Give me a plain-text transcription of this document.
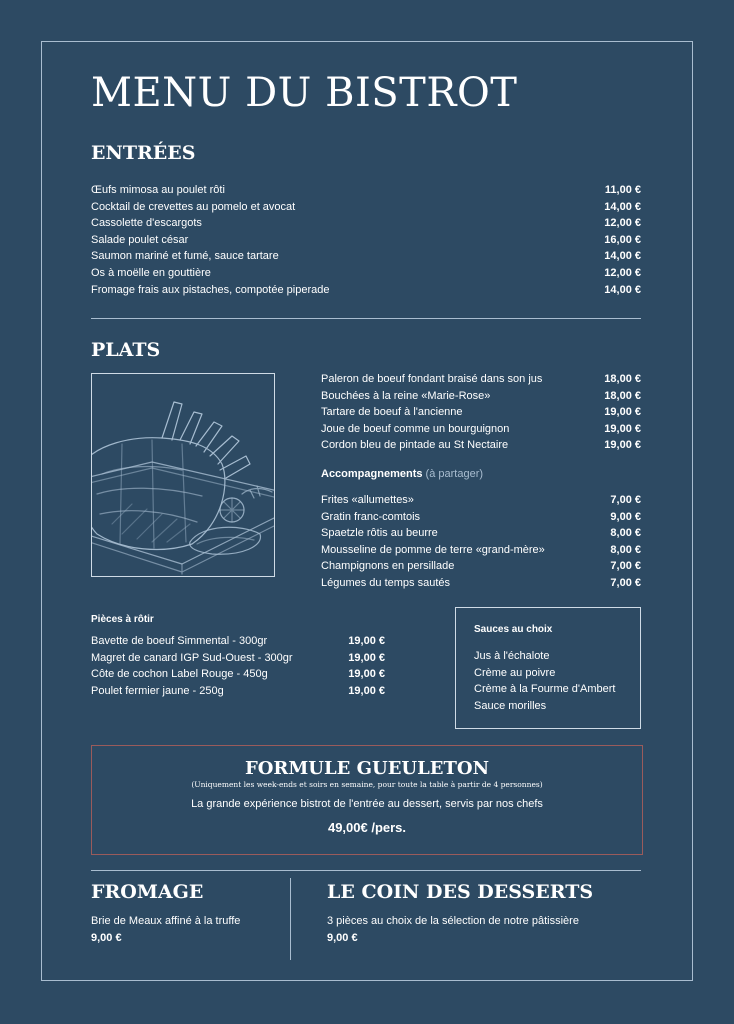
MENU DU BISTROT
ENTRÉES
Œufs mimosa au poulet rôti	11,00 €
Cocktail de crevettes au pomelo et avocat	14,00 €
Cassolette d'escargots	12,00 €
Salade poulet césar	16,00 €
Saumon mariné et fumé, sauce tartare	14,00 €
Os à moëlle en gouttière	12,00 €
Fromage frais aux pistaches, compotée piperade	14,00 €
PLATS
Paleron de boeuf fondant braisé dans son jus	18,00 €
Bouchées à la reine «Marie-Rose»	18,00 €
Tartare de boeuf à l'ancienne	19,00 €
Joue de boeuf comme un bourguignon	19,00 €
Cordon bleu de pintade au St Nectaire	19,00 €
Accompagnements (à partager)
Frites «allumettes»	7,00 €
Gratin franc-comtois	9,00 €
Spaetzle rôtis au beurre	8,00 €
Mousseline de pomme de terre «grand-mère»	8,00 €
Champignons en persillade	7,00 €
Légumes du temps sautés	7,00 €
Pièces à rôtir
Bavette de boeuf Simmental - 300gr	19,00 €
Magret de canard IGP Sud-Ouest - 300gr	19,00 €
Côte de cochon Label Rouge - 450g	19,00 €
Poulet fermier jaune - 250g	19,00 €
Sauces au choix
Jus à l'échalote
Crème au poivre
Crème à la Fourme d'Ambert
Sauce morilles
FORMULE GUEULETON
(Uniquement les week-ends et soirs en semaine, pour toute la table à partir de 4 personnes)
La grande expérience bistrot de l'entrée au dessert, servis par nos chefs
49,00€ /pers.
FROMAGE
Brie de Meaux affiné à la truffe
9,00 €
LE COIN DES DESSERTS
3 pièces au choix de la sélection de notre pâtissière
9,00 €
